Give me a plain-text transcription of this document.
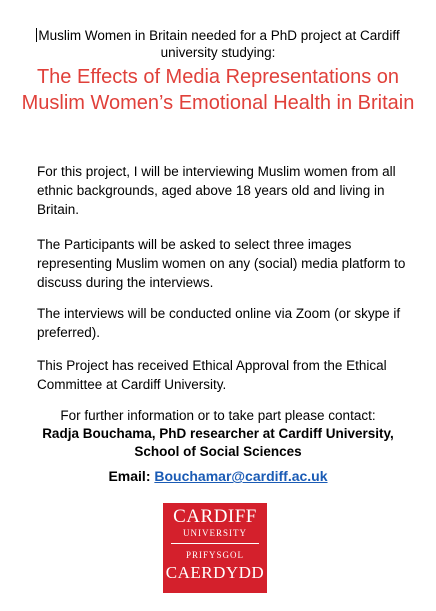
Muslim Women in Britain needed for a PhD project at Cardiff
university studying:
The Effects of Media Representations on Muslim Women’s Emotional Health in Britain

For this project, I will be interviewing Muslim women from all ethnic backgrounds, aged above 18 years old and living in Britain.

The Participants will be asked to select three images representing Muslim women on any (social) media platform to discuss during the interviews.

The interviews will be conducted online via Zoom (or skype if preferred).

This Project has received Ethical Approval from the Ethical Committee at Cardiff University.

For further information or to take part please contact:
Radja Bouchama, PhD researcher at Cardiff University,
School of Social Sciences
Email: Bouchamar@cardiff.ac.uk
CARDIFF
UNIVERSITY
PRIFYSGOL
CAERDYDD
